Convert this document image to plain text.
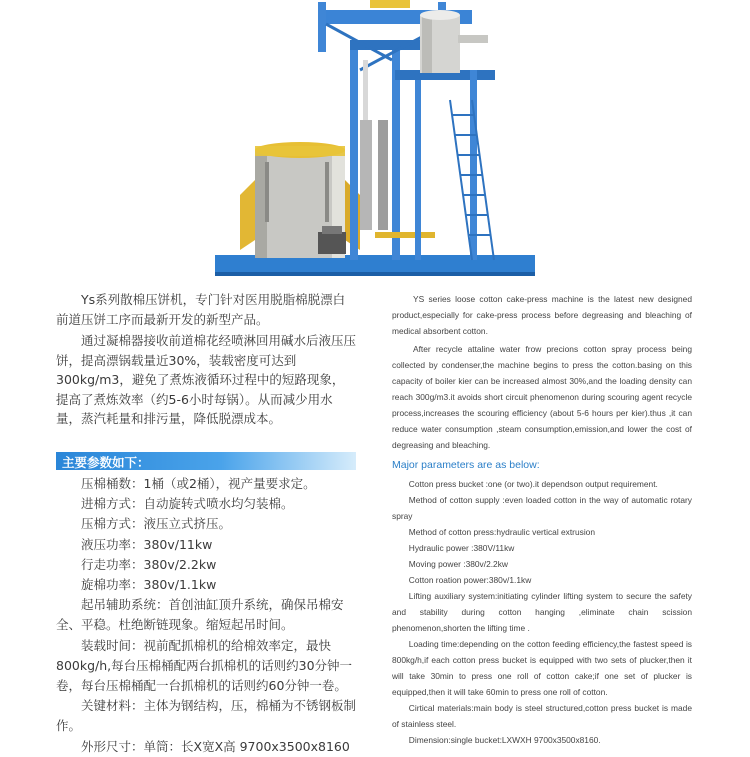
Ys系列散棉压饼机，专门针对医用脱脂棉脱漂白前道压饼工序而最新开发的新型产品。

通过凝棉器接收前道棉花经喷淋回用碱水后液压压饼，提高漂锅载量近30%，装载密度可达到300kg/m3，避免了煮炼液循环过程中的短路现象，提高了煮炼效率（约5-6小时每锅）。从而减少用水量，蒸汽耗量和排污量，降低脱漂成本。

YS series loose cotton cake-press machine is the latest new designed product,especially for cake-press process before degreasing and bleaching of medical absorbent cotton.

After recycle attaline water frow precions cotton spray process being collected by condenser,the machine begins to press the cotton.basing on this capacity of boiler kier can be increased almost 30%,and the loading density can reach 300g/m3.it avoids short circuit phenomenon during scouring agent recycle process,increases the scouring efficiency (about 5-6 hours per kier).thus ,it can reduce water consumption ,steam consumption,emission,and lower the cost of degreasing and bleaching.

主要参数如下：	Major parameters are as below:

压棉桶数：1桶（或2桶），视产量要求定。

进棉方式：自动旋转式喷水均匀装棉。

压棉方式：液压立式挤压。

液压功率：380v/11kw

行走功率：380v/2.2kw

旋棉功率：380v/1.1kw

起吊辅助系统：首创油缸顶升系统，确保吊棉安全、平稳。杜绝断链现象。缩短起吊时间。

装载时间：视前配抓棉机的给棉效率定，最快800kg/h,每台压棉桶配两台抓棉机的话则约30分钟一卷，每台压棉桶配一台抓棉机的话则约60分钟一卷。

关键材料：主体为钢结构，压，棉桶为不锈钢板制作。

外形尺寸：单筒：长X宽X高 9700x3500x8160

Cotton press bucket :one (or two).it dependson output requirement.

Method of cotton supply :even loaded cotton in the way of automatic rotary spray

Method of cotton press:hydraulic vertical extrusion

Hydraulic power :380V/11kw

Moving power :380v/2.2kw

Cotton roation power:380v/1.1kw

Lifting auxiliary system:initiating cylinder lifting system to secure the safety and stability during cotton hanging ,eliminate chain scission phenomenon,shorten the lifting time .

Loading time:depending on the cotton feeding efficiency,the fastest speed is 800kg/h,if each cotton press bucket is equipped with two sets of plucker,then it will take 30min to press one roll of cotton cake;if one set of plucker is equipped,then it will take 60min to press one roll of cotton.

Cirtical materials:main body is steel structured,cotton press bucket is made of stainless steel.

Dimension:single bucket:LXWXH 9700x3500x8160.
